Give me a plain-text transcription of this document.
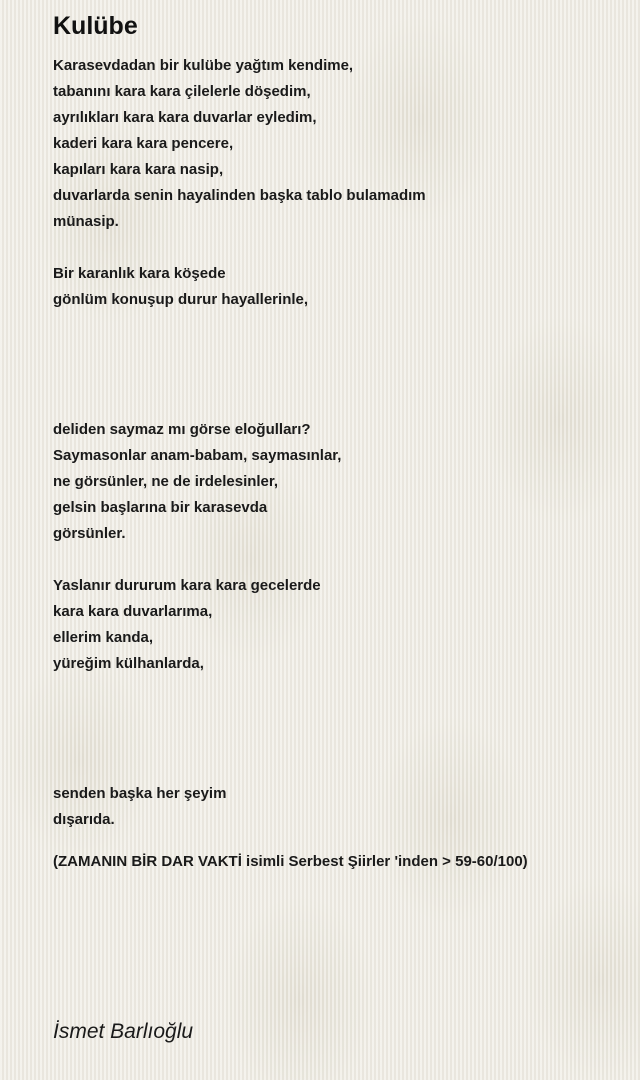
Kulübe
Karasevdadan bir kulübe yağtım kendime,
tabanını kara kara çilelerle döşedim,
ayrılıkları kara kara duvarlar eyledim,
kaderi kara kara pencere,
kapıları kara kara nasip,
duvarlarda senin hayalinden başka tablo bulamadım
münasip.
Bir karanlık kara köşede
gönlüm konuşup durur hayallerinle,
deliden saymaz mı görse eloğulları?
Saymasonlar anam-babam, saymasınlar,
ne görsünler, ne de irdelesinler,
gelsin başlarına bir karasevda
görsünler.
Yaslanır dururum kara kara gecelerde
kara kara duvarlarıma,
ellerim kanda,
yüreğim külhanlarda,
senden başka her şeyim
dışarıda.
(ZAMANIN BİR DAR VAKTİ isimli Serbest Şiirler 'inden > 59-60/100)
İsmet Barlıoğlu
